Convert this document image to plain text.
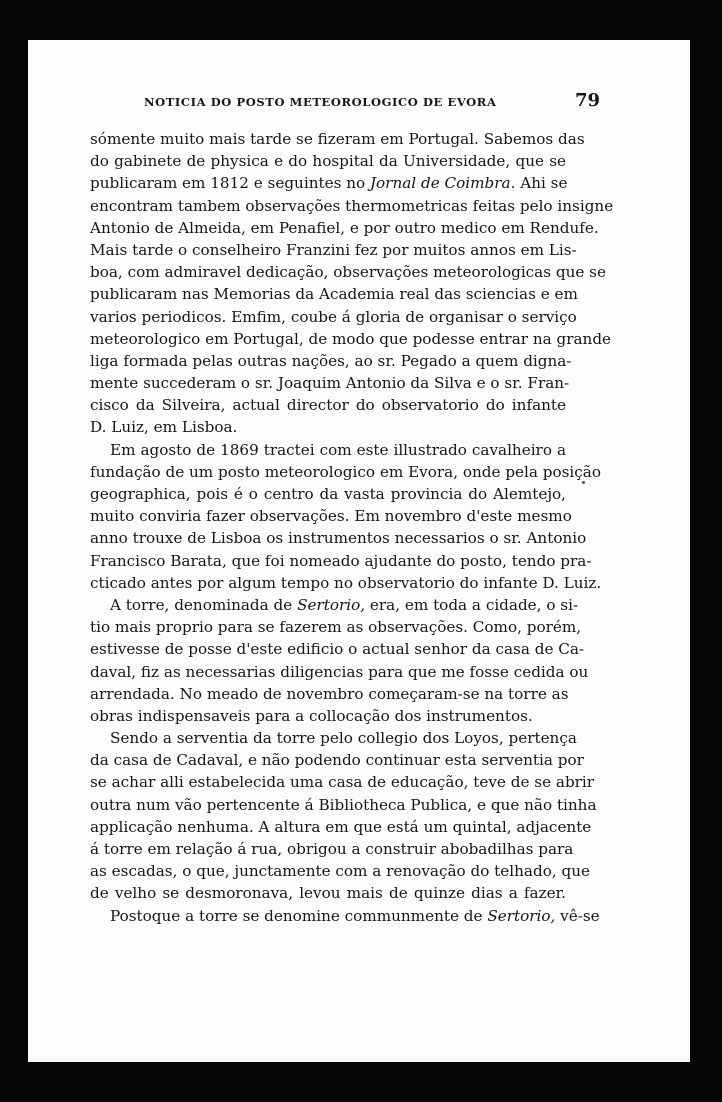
NOTICIA DO POSTO METEOROLOGICO DE EVORA	79
sómente muito mais tarde se fizeram em Portugal. Sabemos das
do gabinete de physica e do hospital da Universidade, que se
publicaram em 1812 e seguintes no Jornal de Coimbra. Ahi se
encontram tambem observações thermometricas feitas pelo insigne
Antonio de Almeida, em Penafiel, e por outro medico em Rendufe.
Mais tarde o conselheiro Franzini fez por muitos annos em Lis-
boa, com admiravel dedicação, observações meteorologicas que se
publicaram nas Memorias da Academia real das sciencias e em
varios periodicos. Emfim, coube á gloria de organisar o serviço
meteorologico em Portugal, de modo que podesse entrar na grande
liga formada pelas outras nações, ao sr. Pegado a quem digna-
mente succederam o sr. Joaquim Antonio da Silva e o sr. Fran-
cisco da Silveira, actual director do observatorio do infante
D. Luiz, em Lisboa.
Em agosto de 1869 tractei com este illustrado cavalheiro a
fundação de um posto meteorologico em Evora, onde pela posição
geographica, pois é o centro da vasta provincia do Alemtejo,
muito conviria fazer observações. Em novembro d'este mesmo
anno trouxe de Lisboa os instrumentos necessarios o sr. Antonio
Francisco Barata, que foi nomeado ajudante do posto, tendo pra-
cticado antes por algum tempo no observatorio do infante D. Luiz.
A torre, denominada de Sertorio, era, em toda a cidade, o si-
tio mais proprio para se fazerem as observações. Como, porém,
estivesse de posse d'este edificio o actual senhor da casa de Ca-
daval, fiz as necessarias diligencias para que me fosse cedida ou
arrendada. No meado de novembro começaram-se na torre as
obras indispensaveis para a collocação dos instrumentos.
Sendo a serventia da torre pelo collegio dos Loyos, pertença
da casa de Cadaval, e não podendo continuar esta serventia por
se achar alli estabelecida uma casa de educação, teve de se abrir
outra num vão pertencente á Bibliotheca Publica, e que não tinha
applicação nenhuma. A altura em que está um quintal, adjacente
á torre em relação á rua, obrigou a construir abobadilhas para
as escadas, o que, junctamente com a renovação do telhado, que
de velho se desmoronava, levou mais de quinze dias a fazer.
Postoque a torre se denomine communmente de Sertorio, vê-se
